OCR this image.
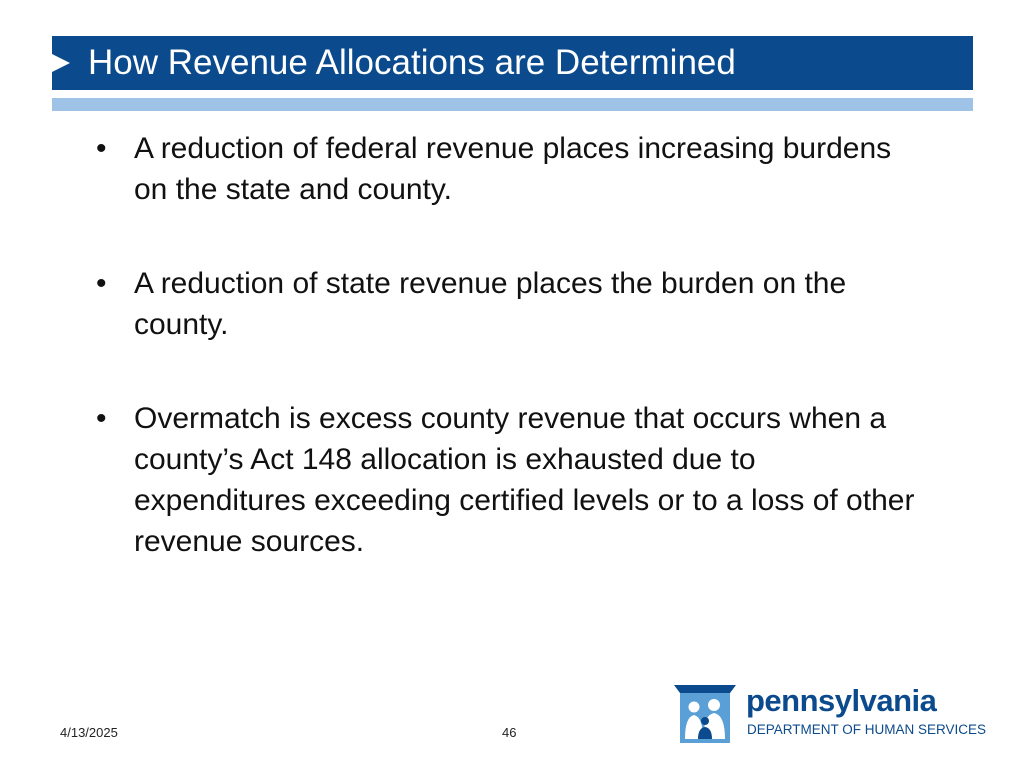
How Revenue Allocations are Determined
• A reduction of federal revenue places increasing burdens on the state and county.
• A reduction of state revenue places the burden on the county.
• Overmatch is excess county revenue that occurs when a county’s Act 148 allocation is exhausted due to expenditures exceeding certified levels or to a loss of other revenue sources.
4/13/2025	46
pennsylvania
DEPARTMENT OF HUMAN SERVICES
